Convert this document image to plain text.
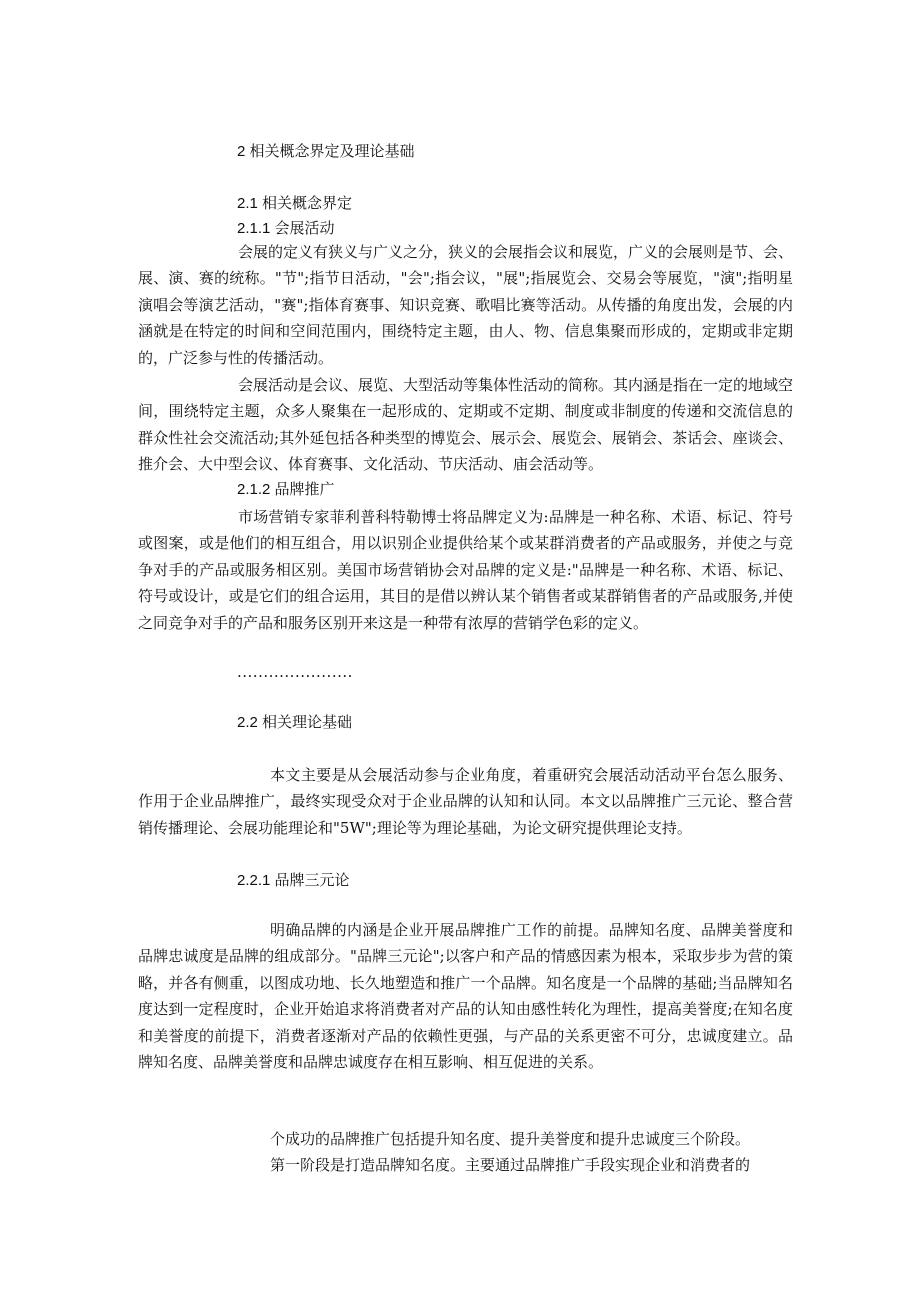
2 相关概念界定及理论基础
2.1 相关概念界定
2.1.1 会展活动

会展的定义有狭义与广义之分，狭义的会展指会议和展览，广义的会展则是节、会、展、演、赛的统称。"节";指节日活动，"会";指会议，"展";指展览会、交易会等展览，"演";指明星演唱会等演艺活动，"赛";指体育赛事、知识竞赛、歌唱比赛等活动。从传播的角度出发，会展的内涵就是在特定的时间和空间范围内，围绕特定主题，由人、物、信息集聚而形成的，定期或非定期的，广泛参与性的传播活动。

会展活动是会议、展览、大型活动等集体性活动的简称。其内涵是指在一定的地域空间，围绕特定主题，众多人聚集在一起形成的、定期或不定期、制度或非制度的传递和交流信息的群众性社会交流活动;其外延包括各种类型的博览会、展示会、展览会、展销会、茶话会、座谈会、推介会、大中型会议、体育赛事、文化活动、节庆活动、庙会活动等。

2.1.2 品牌推广

市场营销专家菲利普科特勒博士将品牌定义为:品牌是一种名称、术语、标记、符号或图案，或是他们的相互组合，用以识别企业提供给某个或某群消费者的产品或服务，并使之与竞争对手的产品或服务相区别。美国市场营销协会对品牌的定义是:"品牌是一种名称、术语、标记、符号或设计，或是它们的组合运用，其目的是借以辨认某个销售者或某群销售者的产品或服务,并使之同竞争对手的产品和服务区别开来这是一种带有浓厚的营销学色彩的定义。

......................
2.2 相关理论基础

本文主要是从会展活动参与企业角度，着重研究会展活动活动平台怎么服务、作用于企业品牌推广，最终实现受众对于企业品牌的认知和认同。本文以品牌推广三元论、整合营销传播理论、会展功能理论和"5W";理论等为理论基础，为论文研究提供理论支持。

2.2.1 品牌三元论

明确品牌的内涵是企业开展品牌推广工作的前提。品牌知名度、品牌美誉度和品牌忠诚度是品牌的组成部分。"品牌三元论";以客户和产品的情感因素为根本，采取步步为营的策略，并各有侧重，以图成功地、长久地塑造和推广一个品牌。知名度是一个品牌的基础;当品牌知名度达到一定程度时，企业开始追求将消费者对产品的认知由感性转化为理性，提高美誉度;在知名度和美誉度的前提下，消费者逐渐对产品的依赖性更强，与产品的关系更密不可分，忠诚度建立。品牌知名度、品牌美誉度和品牌忠诚度存在相互影响、相互促进的关系。

个成功的品牌推广包括提升知名度、提升美誉度和提升忠诚度三个阶段。
第一阶段是打造品牌知名度。主要通过品牌推广手段实现企业和消费者的
